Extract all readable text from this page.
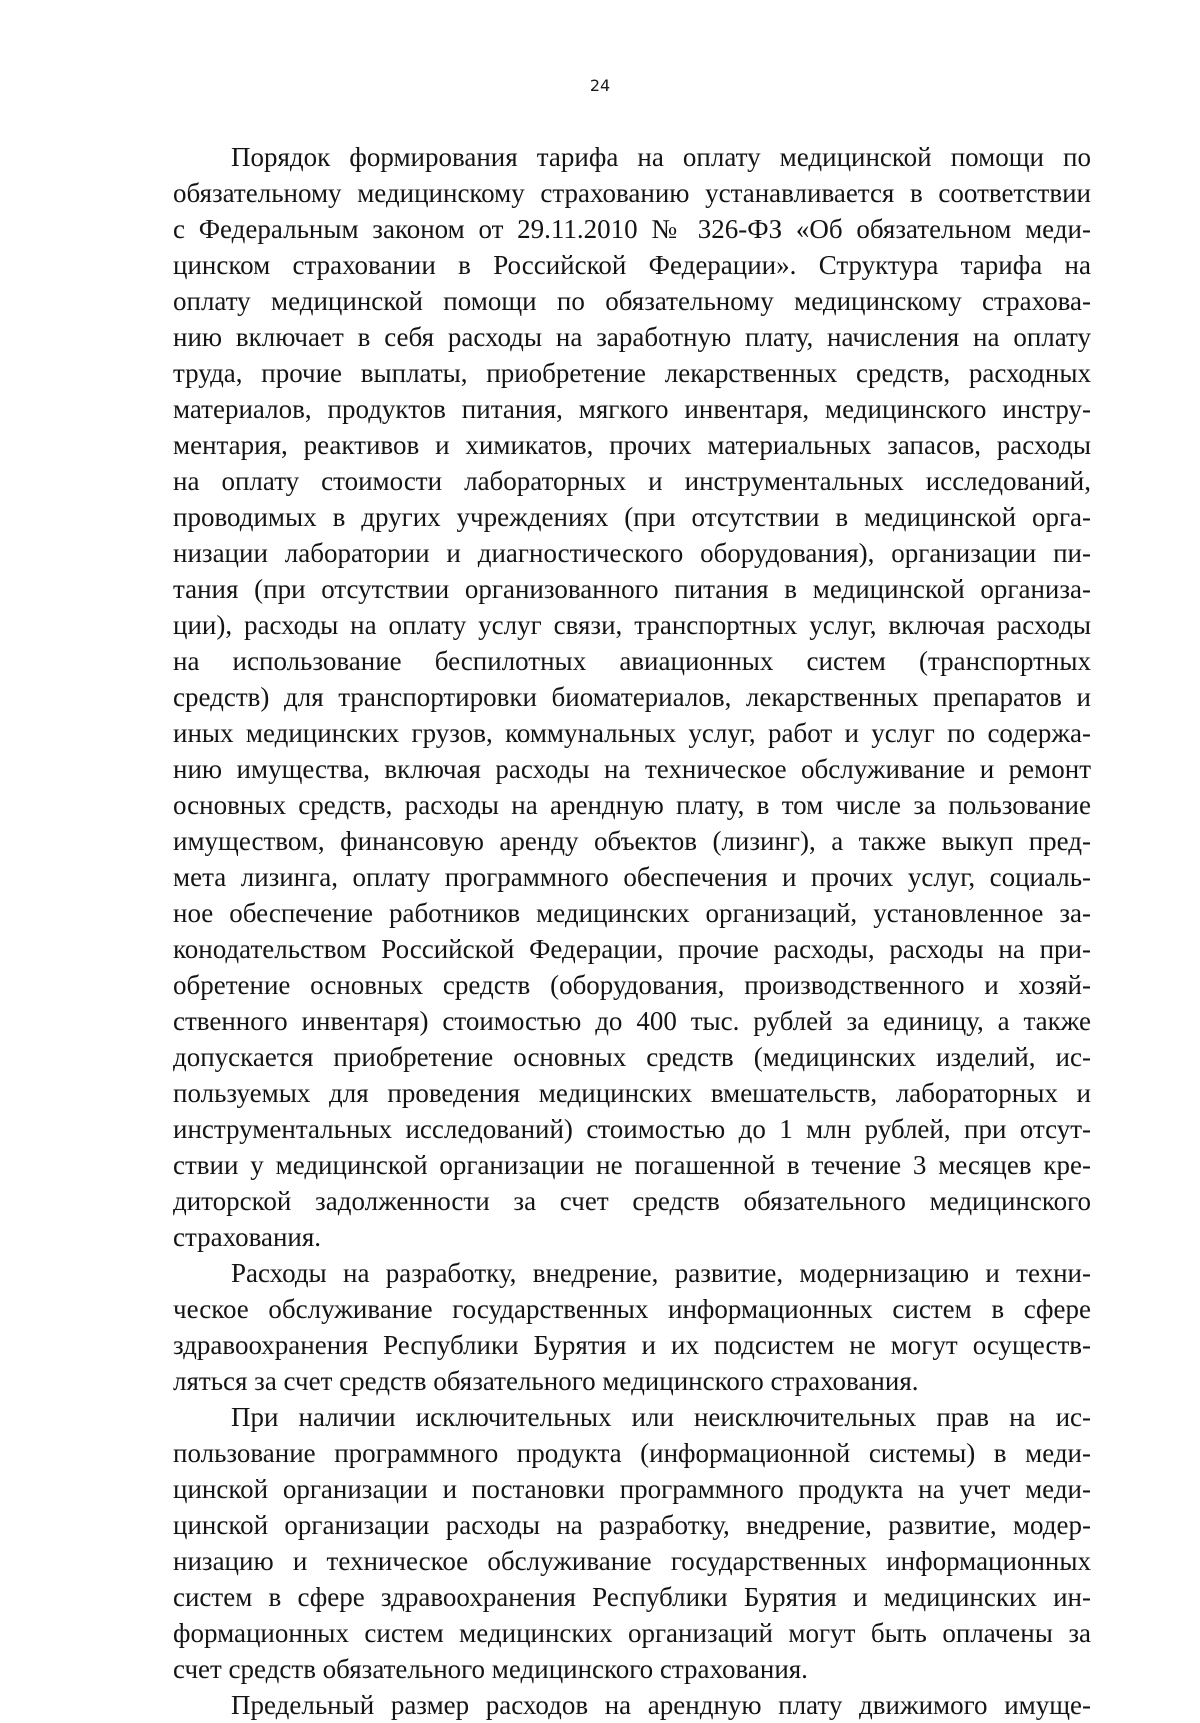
24
Порядок формирования тарифа на оплату медицинской помощи по
обязательному медицинскому страхованию устанавливается в соответствии
с Федеральным законом от 29.11.2010 № 326-ФЗ «Об обязательном меди-
цинском страховании в Российской Федерации». Структура тарифа на
оплату медицинской помощи по обязательному медицинскому страхова-
нию включает в себя расходы на заработную плату, начисления на оплату
труда, прочие выплаты, приобретение лекарственных средств, расходных
материалов, продуктов питания, мягкого инвентаря, медицинского инстру-
ментария, реактивов и химикатов, прочих материальных запасов, расходы
на оплату стоимости лабораторных и инструментальных исследований,
проводимых в других учреждениях (при отсутствии в медицинской орга-
низации лаборатории и диагностического оборудования), организации пи-
тания (при отсутствии организованного питания в медицинской организа-
ции), расходы на оплату услуг связи, транспортных услуг, включая расходы
на использование беспилотных авиационных систем (транспортных
средств) для транспортировки биоматериалов, лекарственных препаратов и
иных медицинских грузов, коммунальных услуг, работ и услуг по содержа-
нию имущества, включая расходы на техническое обслуживание и ремонт
основных средств, расходы на арендную плату, в том числе за пользование
имуществом, финансовую аренду объектов (лизинг), а также выкуп пред-
мета лизинга, оплату программного обеспечения и прочих услуг, социаль-
ное обеспечение работников медицинских организаций, установленное за-
конодательством Российской Федерации, прочие расходы, расходы на при-
обретение основных средств (оборудования, производственного и хозяй-
ственного инвентаря) стоимостью до 400 тыс. рублей за единицу, а также
допускается приобретение основных средств (медицинских изделий, ис-
пользуемых для проведения медицинских вмешательств, лабораторных и
инструментальных исследований) стоимостью до 1 млн рублей, при отсут-
ствии у медицинской организации не погашенной в течение 3 месяцев кре-
диторской задолженности за счет средств обязательного медицинского
страхования.
Расходы на разработку, внедрение, развитие, модернизацию и техни-
ческое обслуживание государственных информационных систем в сфере
здравоохранения Республики Бурятия и их подсистем не могут осуществ-
ляться за счет средств обязательного медицинского страхования.
При наличии исключительных или неисключительных прав на ис-
пользование программного продукта (информационной системы) в меди-
цинской организации и постановки программного продукта на учет меди-
цинской организации расходы на разработку, внедрение, развитие, модер-
низацию и техническое обслуживание государственных информационных
систем в сфере здравоохранения Республики Бурятия и медицинских ин-
формационных систем медицинских организаций могут быть оплачены за
счет средств обязательного медицинского страхования.
Предельный размер расходов на арендную плату движимого имуще-
